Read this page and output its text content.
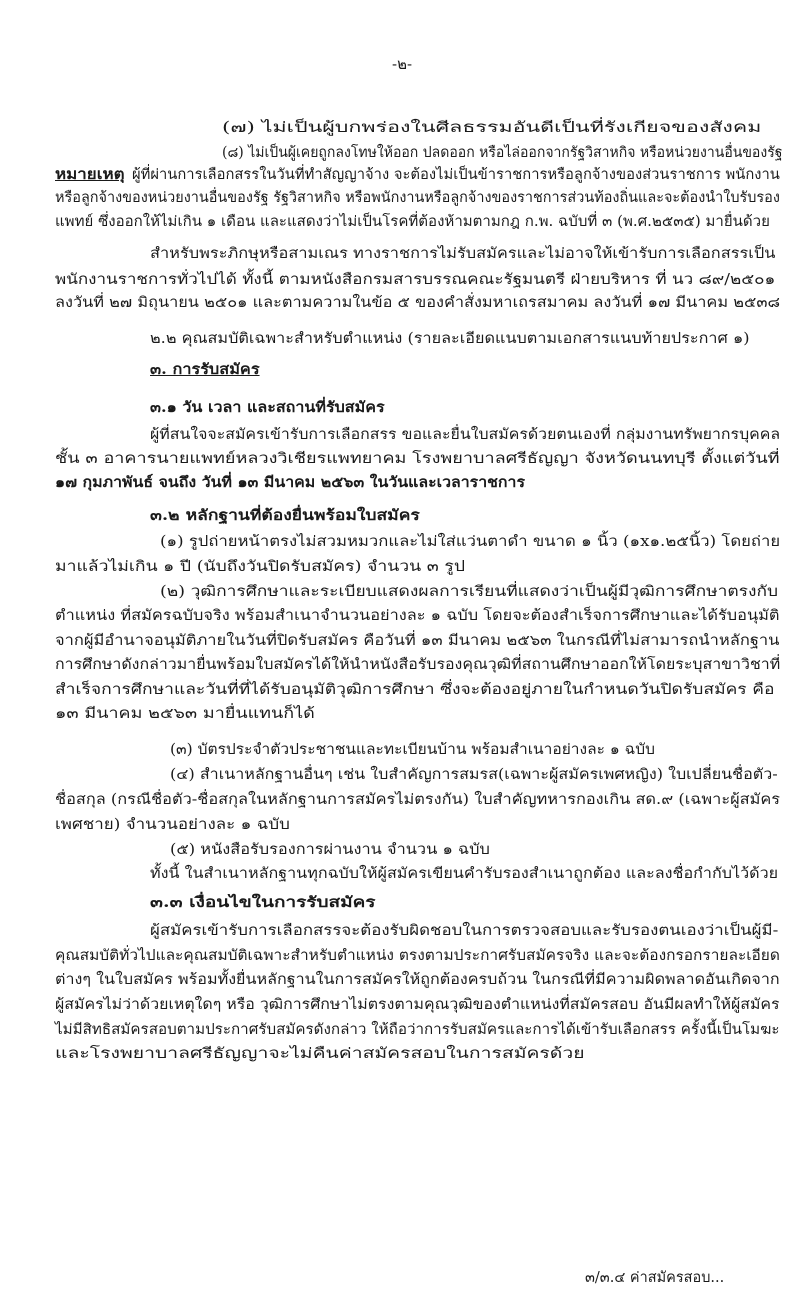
-๒-
(๗) ไม่เป็นผู้บกพร่องในศีลธรรมอันดีเป็นที่รังเกียจของสังคม
(๘) ไม่เป็นผู้เคยถูกลงโทษให้ออก ปลดออก หรือไล่ออกจากรัฐวิสาหกิจ หรือหน่วยงานอื่นของรัฐ
หมายเหตุ ผู้ที่ผ่านการเลือกสรรในวันที่ทำสัญญาจ้าง จะต้องไม่เป็นข้าราชการหรือลูกจ้างของส่วนราชการ พนักงาน
หรือลูกจ้างของหน่วยงานอื่นของรัฐ รัฐวิสาหกิจ หรือพนักงานหรือลูกจ้างของราชการส่วนท้องถิ่นและจะต้องนำใบรับรอง
แพทย์ ซึ่งออกให้ไม่เกิน ๑ เดือน และแสดงว่าไม่เป็นโรคที่ต้องห้ามตามกฎ ก.พ. ฉบับที่ ๓ (พ.ศ.๒๕๓๕) มายื่นด้วย
สำหรับพระภิกษุหรือสามเณร ทางราชการไม่รับสมัครและไม่อาจให้เข้ารับการเลือกสรรเป็น
พนักงานราชการทั่วไปได้ ทั้งนี้ ตามหนังสือกรมสารบรรณคณะรัฐมนตรี ฝ่ายบริหาร ที่ นว ๘๙/๒๕๐๑
ลงวันที่ ๒๗ มิถุนายน ๒๕๐๑ และตามความในข้อ ๕ ของคำสั่งมหาเถรสมาคม ลงวันที่ ๑๗ มีนาคม ๒๕๓๘
๒.๒ คุณสมบัติเฉพาะสำหรับตำแหน่ง (รายละเอียดแนบตามเอกสารแนบท้ายประกาศ ๑)
๓. การรับสมัคร
๓.๑ วัน เวลา และสถานที่รับสมัคร
ผู้ที่สนใจจะสมัครเข้ารับการเลือกสรร ขอและยื่นใบสมัครด้วยตนเองที่ กลุ่มงานทรัพยากรบุคคล
ชั้น ๓ อาคารนายแพทย์หลวงวิเชียรแพทยาคม โรงพยาบาลศรีธัญญา จังหวัดนนทบุรี ตั้งแต่วันที่
๑๗ กุมภาพันธ์ จนถึง วันที่ ๑๓ มีนาคม ๒๕๖๓ ในวันและเวลาราชการ
๓.๒ หลักฐานที่ต้องยื่นพร้อมใบสมัคร
(๑) รูปถ่ายหน้าตรงไม่สวมหมวกและไม่ใส่แว่นตาดำ ขนาด ๑ นิ้ว (๑x๑.๒๕นิ้ว) โดยถ่าย
มาแล้วไม่เกิน ๑ ปี (นับถึงวันปิดรับสมัคร) จำนวน ๓ รูป
(๒) วุฒิการศึกษาและระเบียบแสดงผลการเรียนที่แสดงว่าเป็นผู้มีวุฒิการศึกษาตรงกับ
ตำแหน่ง ที่สมัครฉบับจริง พร้อมสำเนาจำนวนอย่างละ ๑ ฉบับ โดยจะต้องสำเร็จการศึกษาและได้รับอนุมัติ
จากผู้มีอำนาจอนุมัติภายในวันที่ปิดรับสมัคร คือวันที่ ๑๓ มีนาคม ๒๕๖๓ ในกรณีที่ไม่สามารถนำหลักฐาน
การศึกษาดังกล่าวมายื่นพร้อมใบสมัครได้ให้นำหนังสือรับรองคุณวุฒิที่สถานศึกษาออกให้โดยระบุสาขาวิชาที่
สำเร็จการศึกษาและวันที่ที่ได้รับอนุมัติวุฒิการศึกษา ซึ่งจะต้องอยู่ภายในกำหนดวันปิดรับสมัคร คือ
๑๓ มีนาคม ๒๕๖๓ มายื่นแทนก็ได้
(๓) บัตรประจำตัวประชาชนและทะเบียนบ้าน พร้อมสำเนาอย่างละ ๑ ฉบับ
(๔) สำเนาหลักฐานอื่นๆ เช่น ใบสำคัญการสมรส(เฉพาะผู้สมัครเพศหญิง) ใบเปลี่ยนชื่อตัว-
ชื่อสกุล (กรณีชื่อตัว-ชื่อสกุลในหลักฐานการสมัครไม่ตรงกัน) ใบสำคัญทหารกองเกิน สด.๙ (เฉพาะผู้สมัคร
เพศชาย) จำนวนอย่างละ ๑ ฉบับ
(๕) หนังสือรับรองการผ่านงาน จำนวน ๑ ฉบับ
ทั้งนี้ ในสำเนาหลักฐานทุกฉบับให้ผู้สมัครเขียนคำรับรองสำเนาถูกต้อง และลงชื่อกำกับไว้ด้วย
๓.๓ เงื่อนไขในการรับสมัคร
ผู้สมัครเข้ารับการเลือกสรรจะต้องรับผิดชอบในการตรวจสอบและรับรองตนเองว่าเป็นผู้มี-
คุณสมบัติทั่วไปและคุณสมบัติเฉพาะสำหรับตำแหน่ง ตรงตามประกาศรับสมัครจริง และจะต้องกรอกรายละเอียด
ต่างๆ ในใบสมัคร พร้อมทั้งยื่นหลักฐานในการสมัครให้ถูกต้องครบถ้วน ในกรณีที่มีความผิดพลาดอันเกิดจาก
ผู้สมัครไม่ว่าด้วยเหตุใดๆ หรือ วุฒิการศึกษาไม่ตรงตามคุณวุฒิของตำแหน่งที่สมัครสอบ อันมีผลทำให้ผู้สมัคร
ไม่มีสิทธิสมัครสอบตามประกาศรับสมัครดังกล่าว ให้ถือว่าการรับสมัครและการได้เข้ารับเลือกสรร ครั้งนี้เป็นโมฆะ
และโรงพยาบาลศรีธัญญาจะไม่คืนค่าสมัครสอบในการสมัครด้วย
๓/๓.๔ ค่าสมัครสอบ...
